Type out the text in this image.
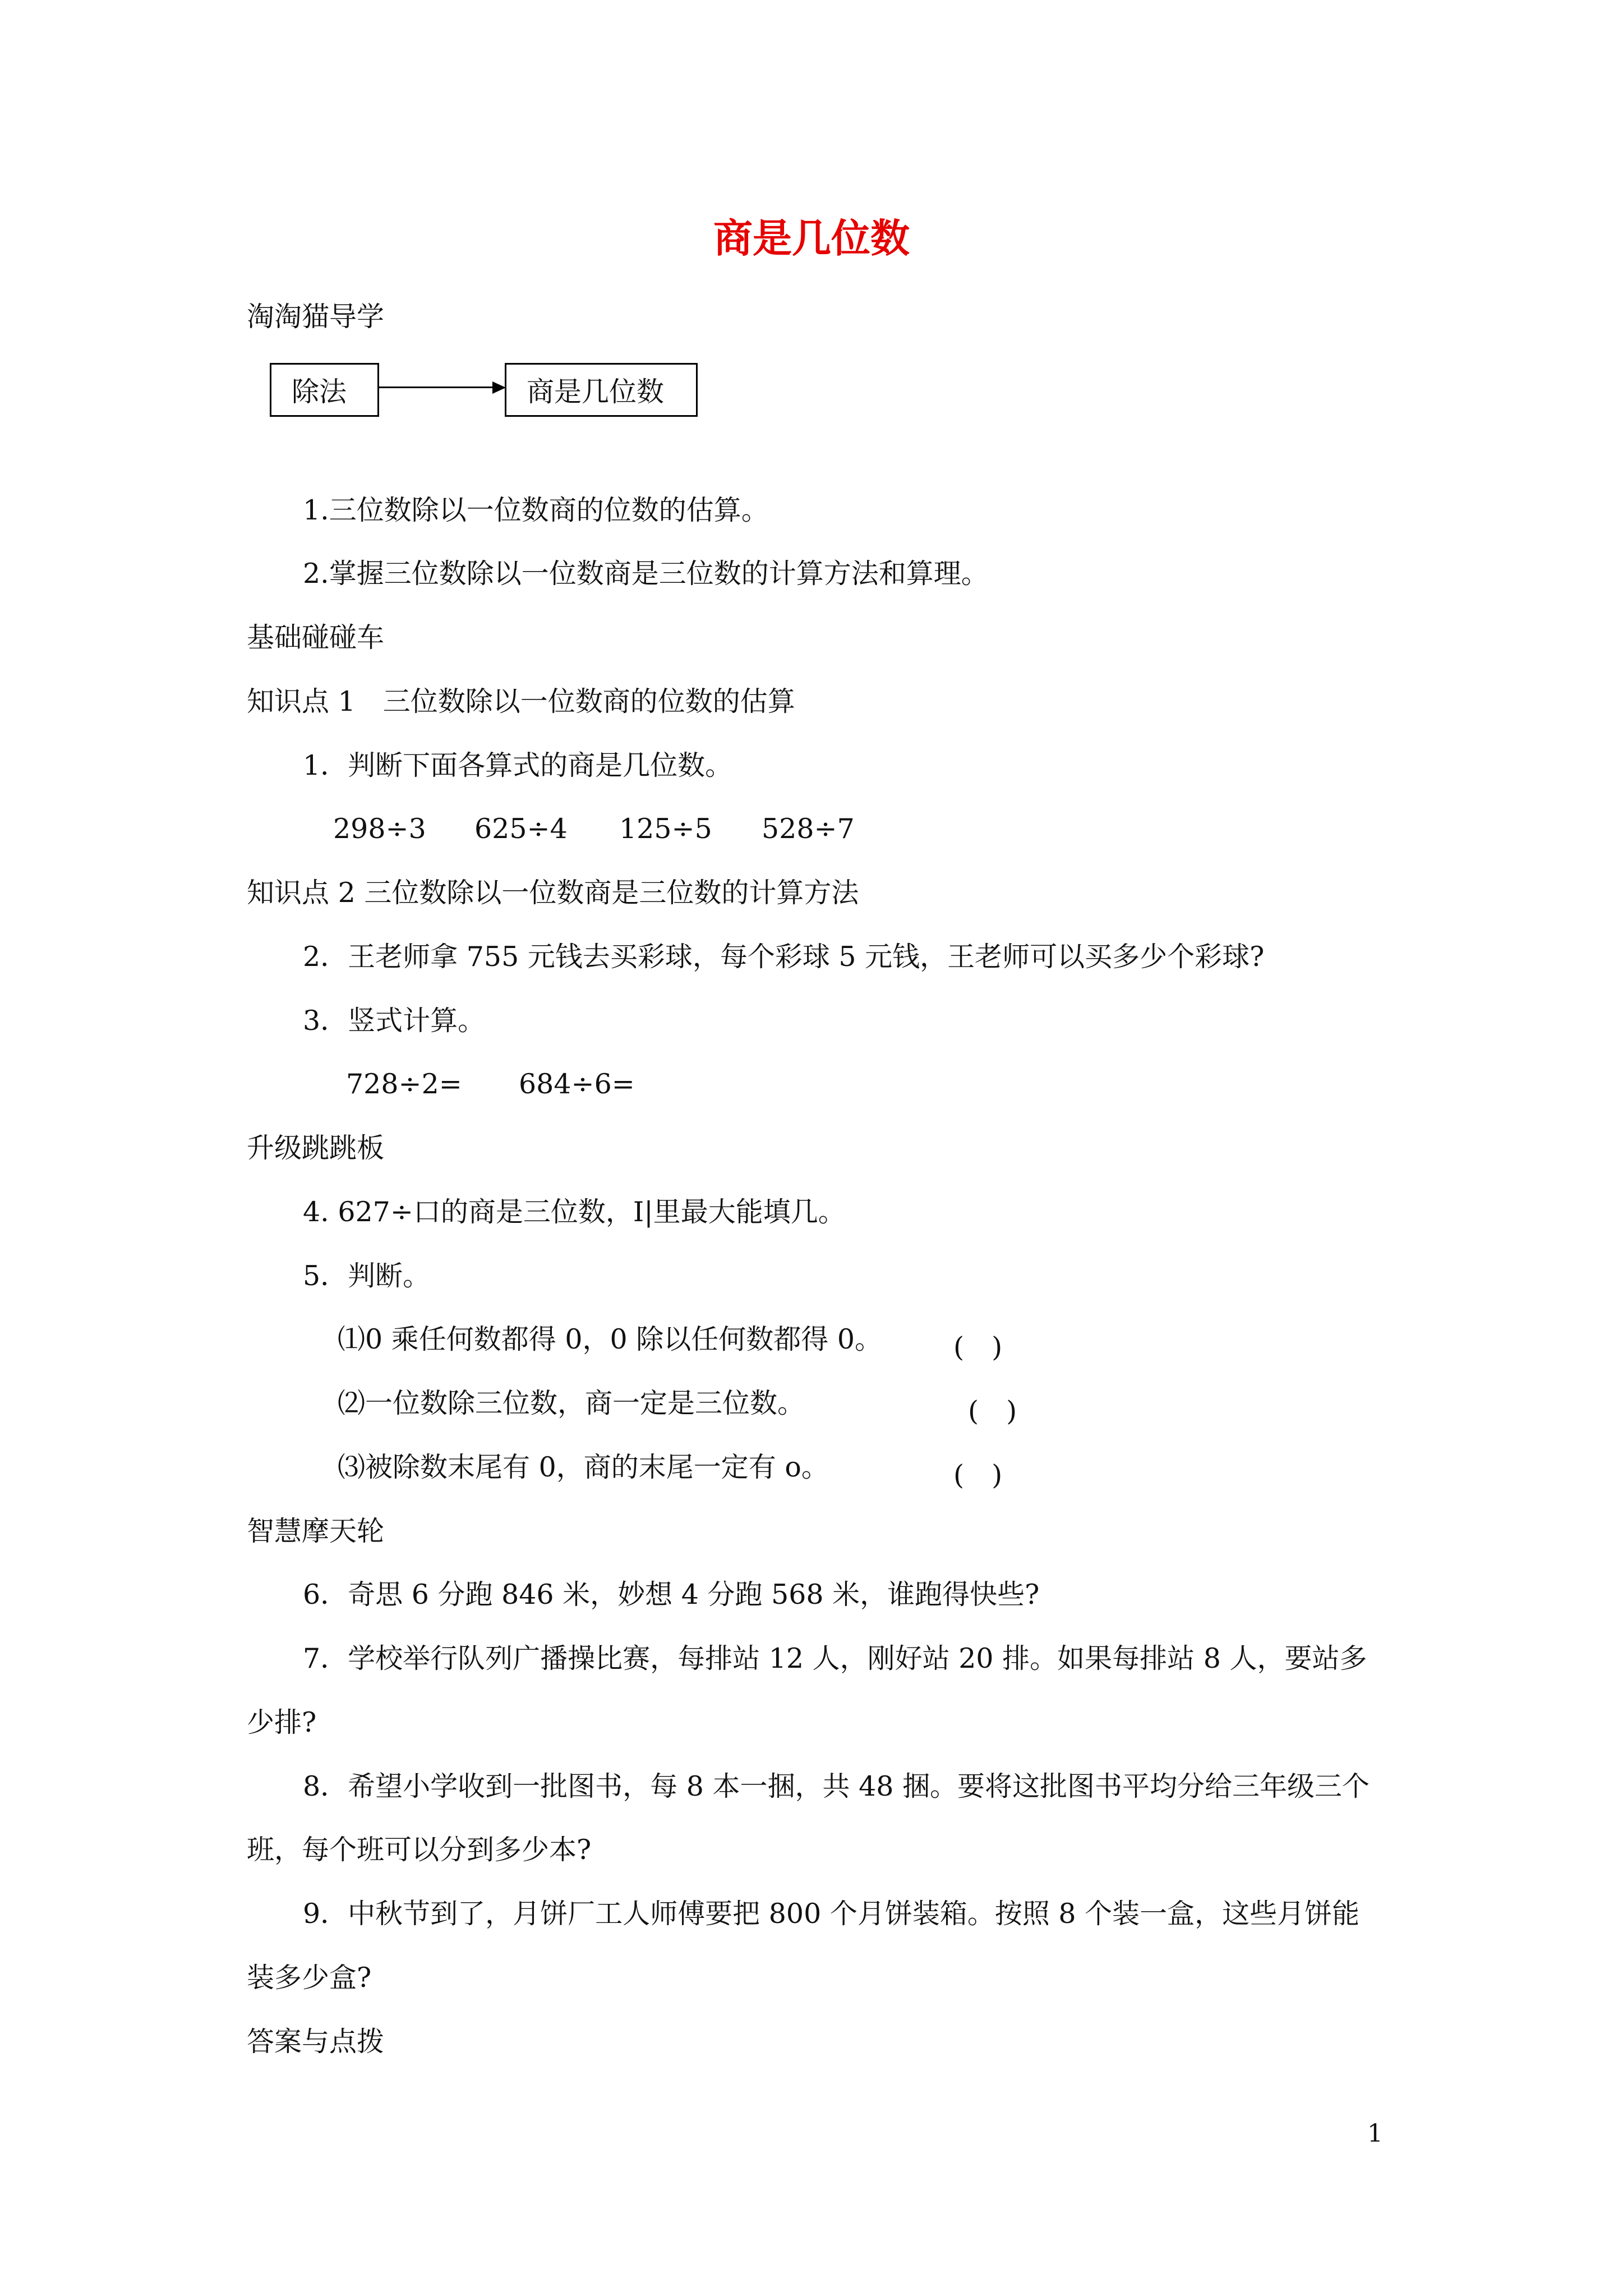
商是几位数
淘淘猫导学
除法	商是几位数
1.三位数除以一位数商的位数的估算。
2.掌握三位数除以一位数商是三位数的计算方法和算理。
基础碰碰车
知识点 1　三位数除以一位数商的位数的估算
1．判断下面各算式的商是几位数。
298÷3 625÷4 125÷5 528÷7
知识点 2 三位数除以一位数商是三位数的计算方法
2．王老师拿 755 元钱去买彩球，每个彩球 5 元钱，王老师可以买多少个彩球?
3．竖式计算。
728÷2= 684÷6=
升级跳跳板
4. 627÷口的商是三位数，I|里最大能填几。
5．判断。
⑴0 乘任何数都得 0，0 除以任何数都得 0。	(　)
⑵一位数除三位数，商一定是三位数。	(　)
⑶被除数末尾有 0，商的末尾一定有 o。	(　)
智慧摩天轮
6．奇思 6 分跑 846 米，妙想 4 分跑 568 米，谁跑得快些?
7．学校举行队列广播操比赛，每排站 12 人，刚好站 20 排。如果每排站 8 人，要站多
少排?
8．希望小学收到一批图书，每 8 本一捆，共 48 捆。要将这批图书平均分给三年级三个
班，每个班可以分到多少本?
9．中秋节到了，月饼厂工人师傅要把 800 个月饼装箱。按照 8 个装一盒，这些月饼能
装多少盒?
答案与点拨
1
